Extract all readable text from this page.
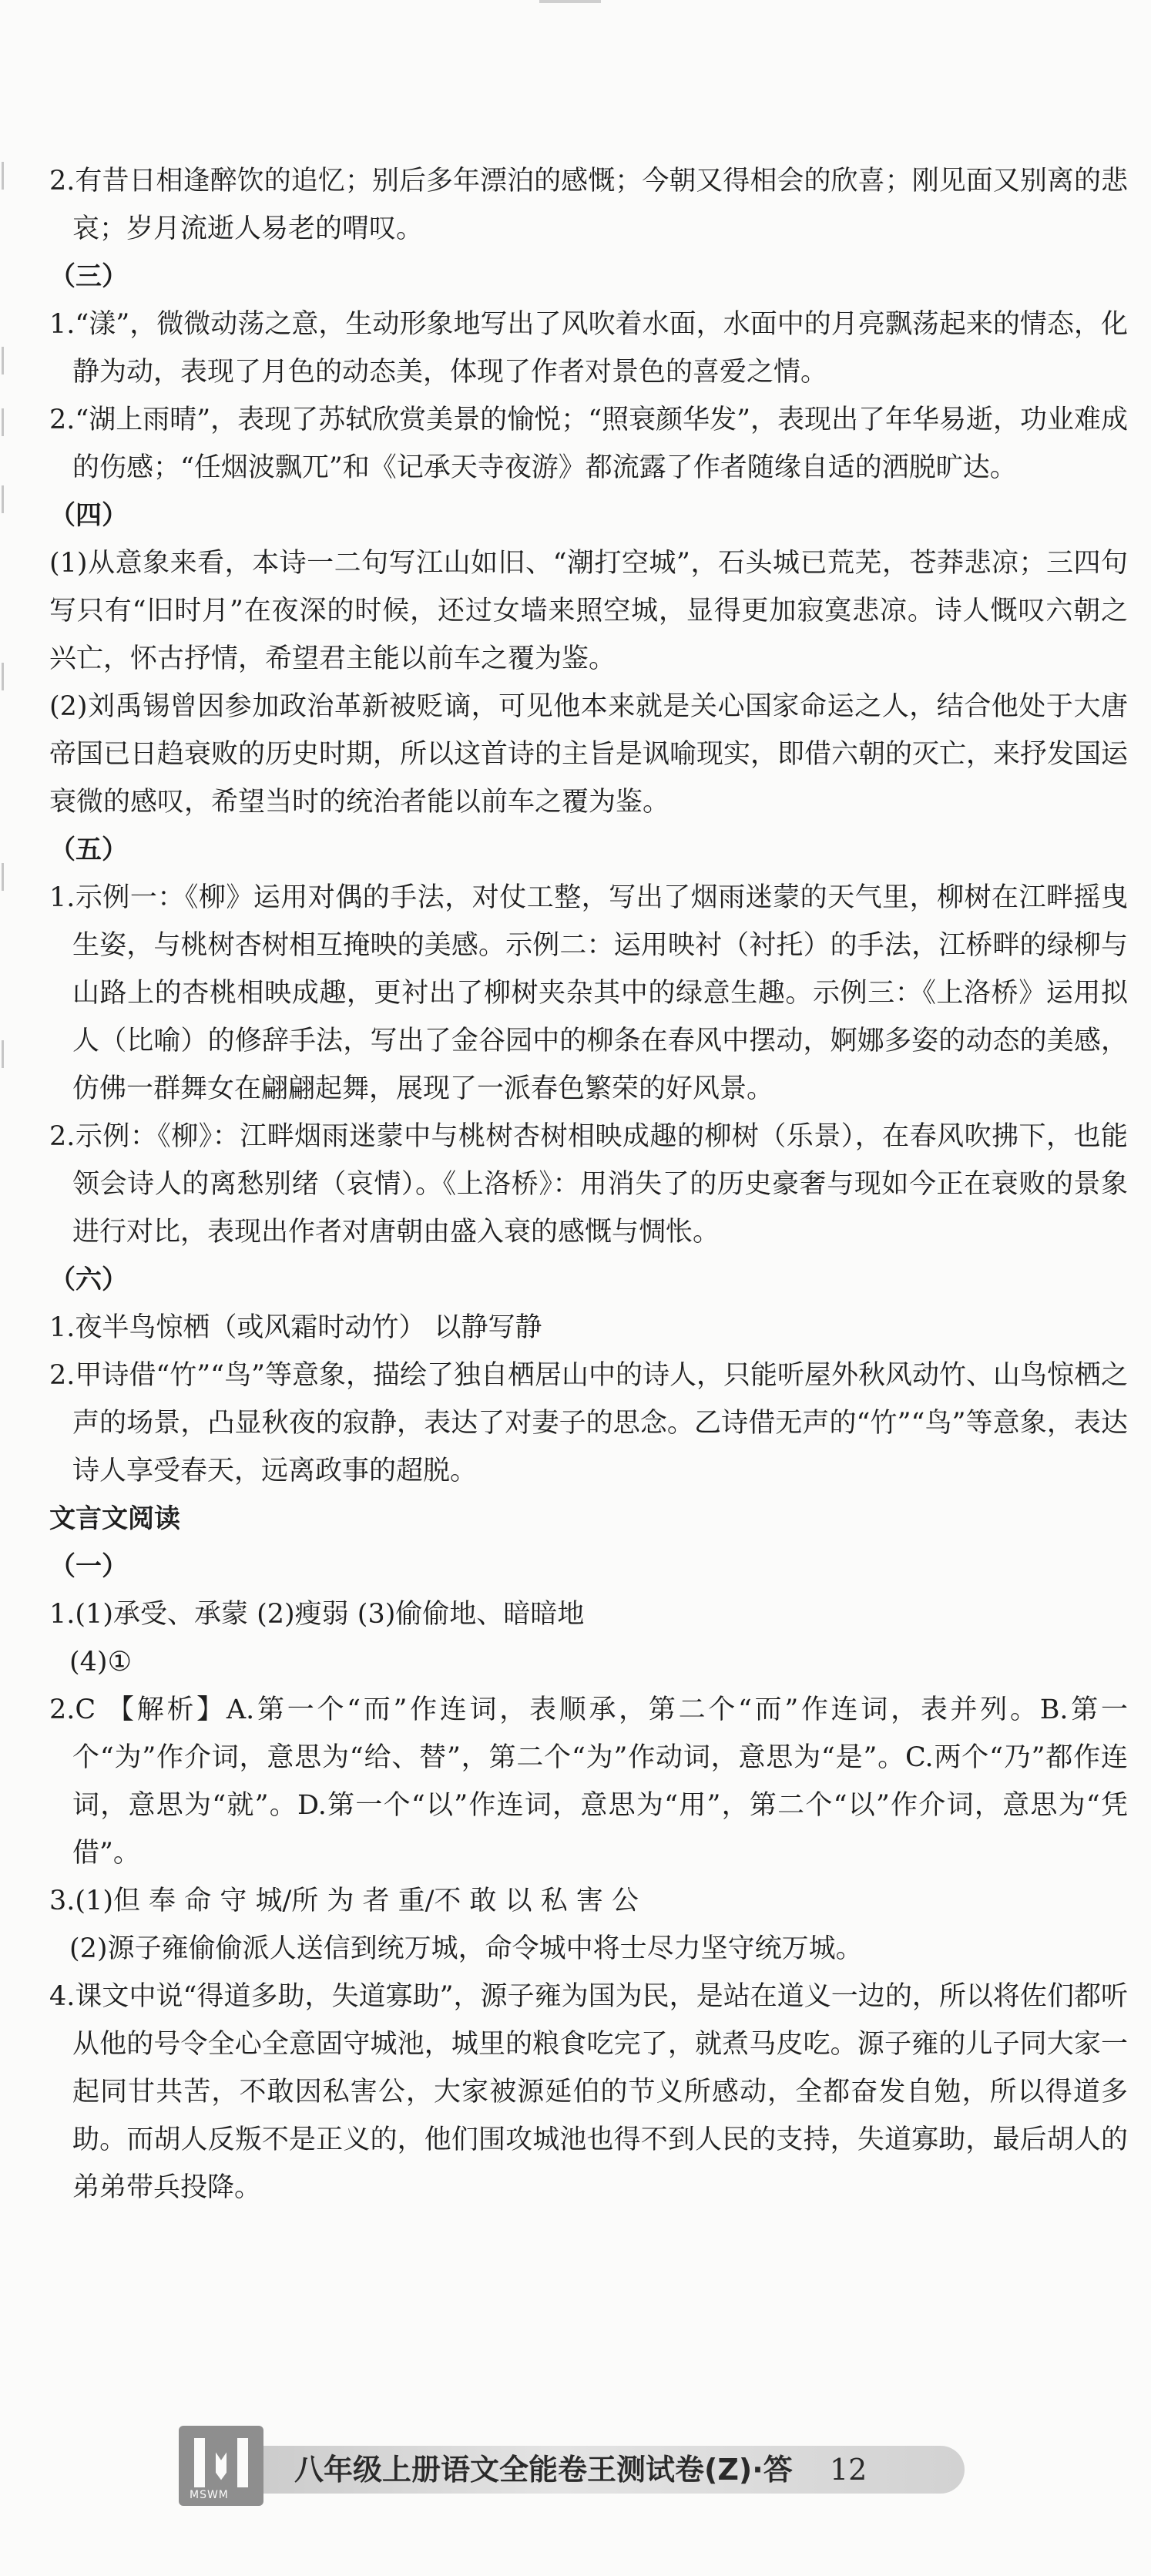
2.有昔日相逢醉饮的追忆；别后多年漂泊的感慨；今朝又得相会的欣喜；刚见面又别离的悲哀；岁月流逝人易老的喟叹。

（三）

1.“漾”，微微动荡之意，生动形象地写出了风吹着水面，水面中的月亮飘荡起来的情态，化静为动，表现了月色的动态美，体现了作者对景色的喜爱之情。

2.“湖上雨晴”，表现了苏轼欣赏美景的愉悦；“照衰颜华发”，表现出了年华易逝，功业难成的伤感；“任烟波飘兀”和《记承天寺夜游》都流露了作者随缘自适的洒脱旷达。

（四）

(1)从意象来看，本诗一二句写江山如旧、“潮打空城”，石头城已荒芜，苍莽悲凉；三四句写只有“旧时月”在夜深的时候，还过女墙来照空城，显得更加寂寞悲凉。诗人慨叹六朝之兴亡，怀古抒情，希望君主能以前车之覆为鉴。

(2)刘禹锡曾因参加政治革新被贬谪，可见他本来就是关心国家命运之人，结合他处于大唐帝国已日趋衰败的历史时期，所以这首诗的主旨是讽喻现实，即借六朝的灭亡，来抒发国运衰微的感叹，希望当时的统治者能以前车之覆为鉴。

（五）

1.示例一：《柳》运用对偶的手法，对仗工整，写出了烟雨迷蒙的天气里，柳树在江畔摇曳生姿，与桃树杏树相互掩映的美感。示例二：运用映衬（衬托）的手法，江桥畔的绿柳与山路上的杏桃相映成趣，更衬出了柳树夹杂其中的绿意生趣。示例三：《上洛桥》运用拟人（比喻）的修辞手法，写出了金谷园中的柳条在春风中摆动，婀娜多姿的动态的美感，仿佛一群舞女在翩翩起舞，展现了一派春色繁荣的好风景。

2.示例：《柳》：江畔烟雨迷蒙中与桃树杏树相映成趣的柳树（乐景），在春风吹拂下，也能领会诗人的离愁别绪（哀情）。《上洛桥》：用消失了的历史豪奢与现如今正在衰败的景象进行对比，表现出作者对唐朝由盛入衰的感慨与惆怅。

（六）

1.夜半鸟惊栖（或风霜时动竹） 以静写静

2.甲诗借“竹”“鸟”等意象，描绘了独自栖居山中的诗人，只能听屋外秋风动竹、山鸟惊栖之声的场景，凸显秋夜的寂静，表达了对妻子的思念。乙诗借无声的“竹”“鸟”等意象，表达诗人享受春天，远离政事的超脱。

文言文阅读

（一）

1.(1)承受、承蒙 (2)瘦弱 (3)偷偷地、暗暗地

(4)①

2.C 【解析】A.第一个“而”作连词，表顺承，第二个“而”作连词，表并列。B.第一个“为”作介词，意思为“给、替”，第二个“为”作动词，意思为“是”。C.两个“乃”都作连词，意思为“就”。D.第一个“以”作连词，意思为“用”，第二个“以”作介词，意思为“凭借”。

3.(1)但 奉 命 守 城/所 为 者 重/不 敢 以 私 害 公

(2)源子雍偷偷派人送信到统万城，命令城中将士尽力坚守统万城。

4.课文中说“得道多助，失道寡助”，源子雍为国为民，是站在道义一边的，所以将佐们都听从他的号令全心全意固守城池，城里的粮食吃完了，就煮马皮吃。源子雍的儿子同大家一起同甘共苦，不敢因私害公，大家被源延伯的节义所感动，全都奋发自勉，所以得道多助。而胡人反叛不是正义的，他们围攻城池也得不到人民的支持，失道寡助，最后胡人的弟弟带兵投降。

MSWM
八年级上册语文全能卷王测试卷(Z)·答 12
